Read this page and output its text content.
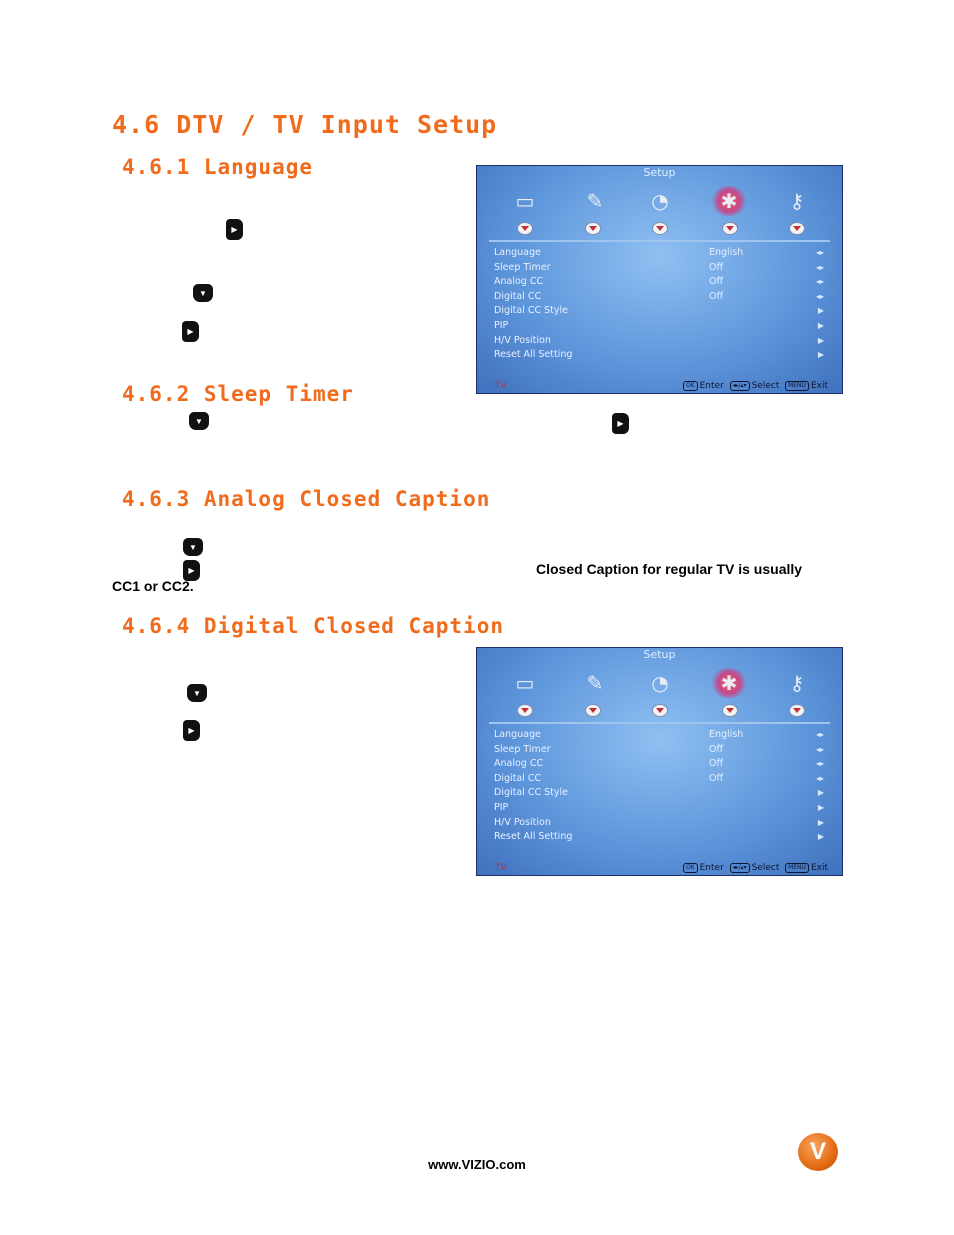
4.6 DTV / TV Input Setup
4.6.1 Language
4.6.2 Sleep Timer
4.6.3 Analog Closed Caption
4.6.4 Digital Closed Caption
▶
▼
▶
▼	▶
▼
▶
▼
▶

Closed Caption for regular TV is usually

CC1 or CC2.

Setup
▭	✎	◔	✱	⚷
Language	English	◂▸
Sleep Timer	Off	◂▸
Analog CC	Off	◂▸
Digital CC	Off	◂▸
Digital CC Style	▶
PIP	▶
H/V Position	▶
Reset All Setting	▶
TV	OK Enter ◂▸/▴▾ Select MENU Exit
Setup
▭	✎	◔	✱	⚷
Language	English	◂▸
Sleep Timer	Off	◂▸
Analog CC	Off	◂▸
Digital CC	Off	◂▸
Digital CC Style	▶
PIP	▶
H/V Position	▶
Reset All Setting	▶
TV	OK Enter ◂▸/▴▾ Select MENU Exit
www.VIZIO.com	V
